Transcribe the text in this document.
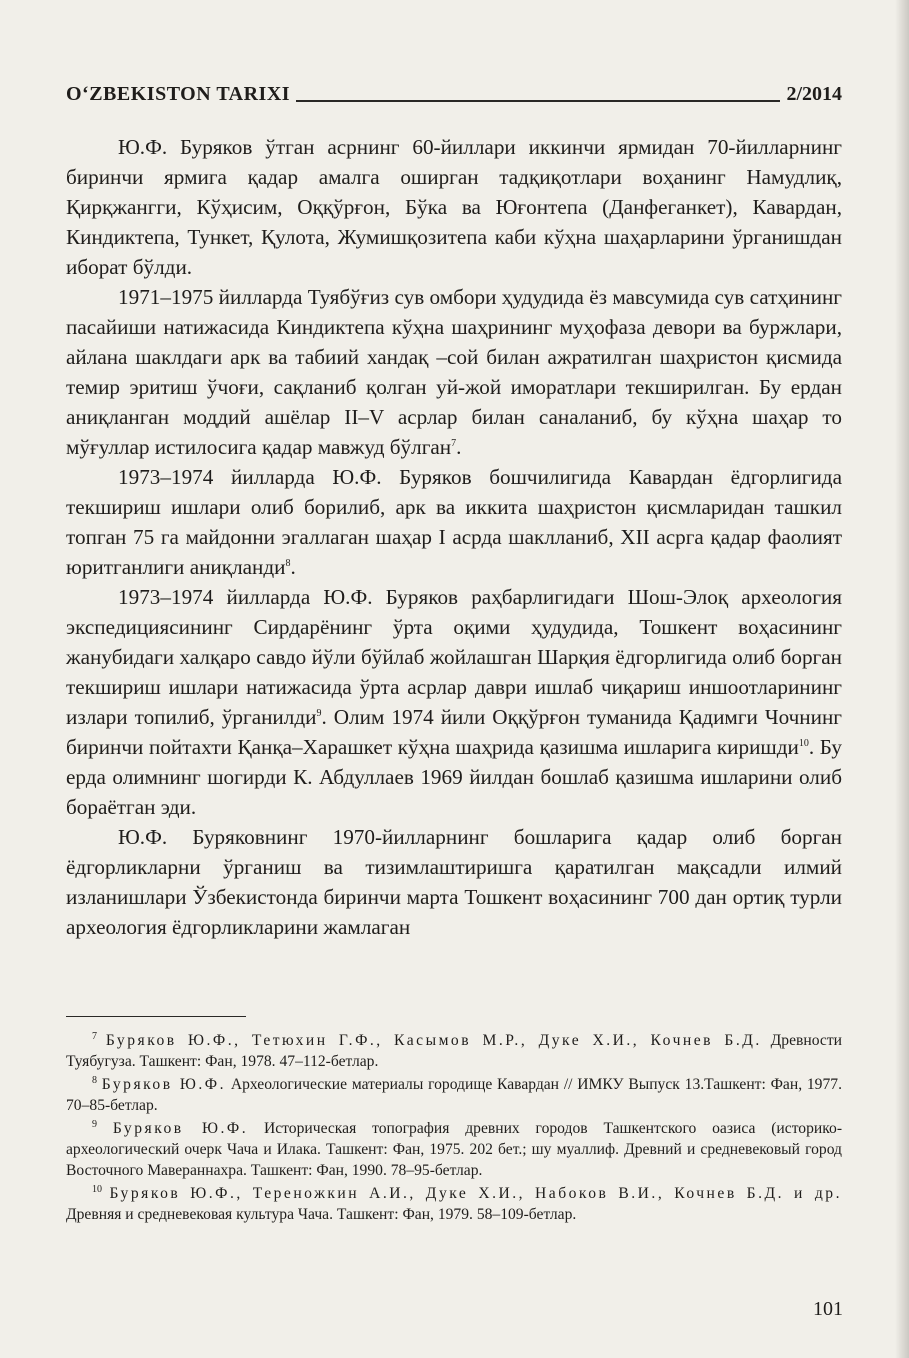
O‘ZBEKISTON TARIXI	2/2014

Ю.Ф. Буряков ўтган асрнинг 60-йиллари иккинчи ярмидан 70-йилларнинг биринчи ярмига қадар амалга оширган тадқиқотлари воҳанинг Намудлиқ, Қирқжангги, Кўҳисим, Оққўрғон, Бўка ва Юғонтепа (Данфеганкет), Кавардан, Киндиктепа, Тункет, Қулота, Жумишқозитепа каби кўҳна шаҳарларини ўрганишдан иборат бўлди.

1971–1975 йилларда Туябўғиз сув омбори ҳудудида ёз мавсумида сув сатҳининг пасайиши натижасида Киндиктепа кўҳна шаҳрининг муҳофаза девори ва буржлари, айлана шаклдаги арк ва табиий хандақ –сой билан ажратилган шаҳристон қисмида темир эритиш ўчоғи, сақланиб қолган уй-жой иморатлари текширилган. Бу ердан аниқланган моддий ашёлар II–V асрлар билан саналаниб, бу кўҳна шаҳар то мўғуллар истилосига қадар мавжуд бўлган$^7$.

1973–1974 йилларда Ю.Ф. Буряков бошчилигида Кавардан ёдгорлигида текшириш ишлари олиб борилиб, арк ва иккита шаҳристон қисмларидан ташкил топган 75 га майдонни эгаллаган шаҳар I асрда шаклланиб, XII асрга қадар фаолият юритганлиги аниқланди$^8$.

1973–1974 йилларда Ю.Ф. Буряков раҳбарлигидаги Шош-Элоқ археология экспедициясининг Сирдарёнинг ўрта оқими ҳудудида, Тошкент воҳасининг жанубидаги халқаро савдо йўли бўйлаб жойлашган Шарқия ёдгорлигида олиб борган текшириш ишлари натижасида ўрта асрлар даври ишлаб чиқариш иншоотларининг излари топилиб, ўрганилди$^9$. Олим 1974 йили Оққўрғон туманида Қадимги Чочнинг биринчи пойтахти Қанқа–Харашкет кўҳна шаҳрида қазишма ишларига киришди$^{10}$. Бу ерда олимнинг шогирди К. Абдуллаев 1969 йилдан бошлаб қазишма ишларини олиб бораётган эди.

Ю.Ф. Буряковнинг 1970-йилларнинг бошларига қадар олиб борган ёдгорликларни ўрганиш ва тизимлаштиришга қаратилган мақсадли илмий изланишлари Ўзбекистонда биринчи марта Тошкент воҳасининг 700 дан ортиқ турли археология ёдгорликларини жамлаган

$^7$ Буряков Ю.Ф., Тетюхин Г.Ф., Касымов М.Р., Дуке Х.И., Кочнев Б.Д. Древности Туябугуза. Ташкент: Фан, 1978. 47–112-бетлар.

$^8$ Буряков Ю.Ф. Археологические материалы городище Кавардан // ИМКУ Выпуск 13.Ташкент: Фан, 1977. 70–85-бетлар.

$^9$ Буряков Ю.Ф. Историческая топография древних городов Ташкентского оазиса (историко-археологический очерк Чача и Илака. Ташкент: Фан, 1975. 202 бет.; шу муаллиф. Древний и средневековый город Восточного Мавераннахра. Ташкент: Фан, 1990. 78–95-бетлар.

$^{10}$ Буряков Ю.Ф., Тереножкин А.И., Дуке Х.И., Набоков В.И., Кочнев Б.Д. и др. Древняя и средневековая культура Чача. Ташкент: Фан, 1979. 58–109-бетлар.

101
